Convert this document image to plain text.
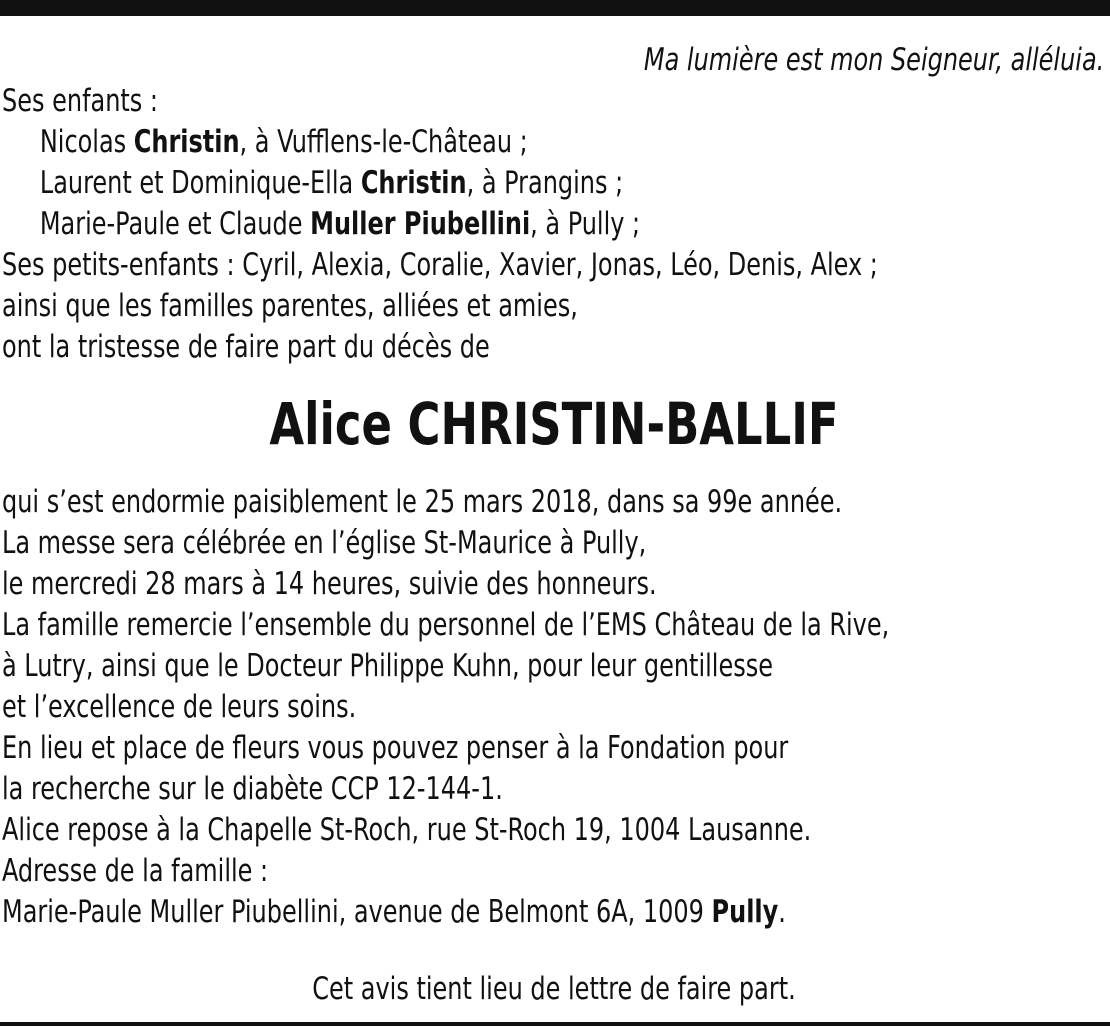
Ma lumière est mon Seigneur, alléluia.
Ses enfants :
Nicolas Christin, à Vufflens-le-Château ;
Laurent et Dominique-Ella Christin, à Prangins ;
Marie-Paule et Claude Muller Piubellini, à Pully ;
Ses petits-enfants : Cyril, Alexia, Coralie, Xavier, Jonas, Léo, Denis, Alex ;
ainsi que les familles parentes, alliées et amies,
ont la tristesse de faire part du décès de
Alice CHRISTIN-BALLIF
qui s’est endormie paisiblement le 25 mars 2018, dans sa 99e année.
La messe sera célébrée en l’église St-Maurice à Pully,
le mercredi 28 mars à 14 heures, suivie des honneurs.
La famille remercie l’ensemble du personnel de l’EMS Château de la Rive,
à Lutry, ainsi que le Docteur Philippe Kuhn, pour leur gentillesse
et l’excellence de leurs soins.
En lieu et place de fleurs vous pouvez penser à la Fondation pour
la recherche sur le diabète CCP 12-144-1.
Alice repose à la Chapelle St-Roch, rue St-Roch 19, 1004 Lausanne.
Adresse de la famille :
Marie-Paule Muller Piubellini, avenue de Belmont 6A, 1009 Pully.
Cet avis tient lieu de lettre de faire part.
